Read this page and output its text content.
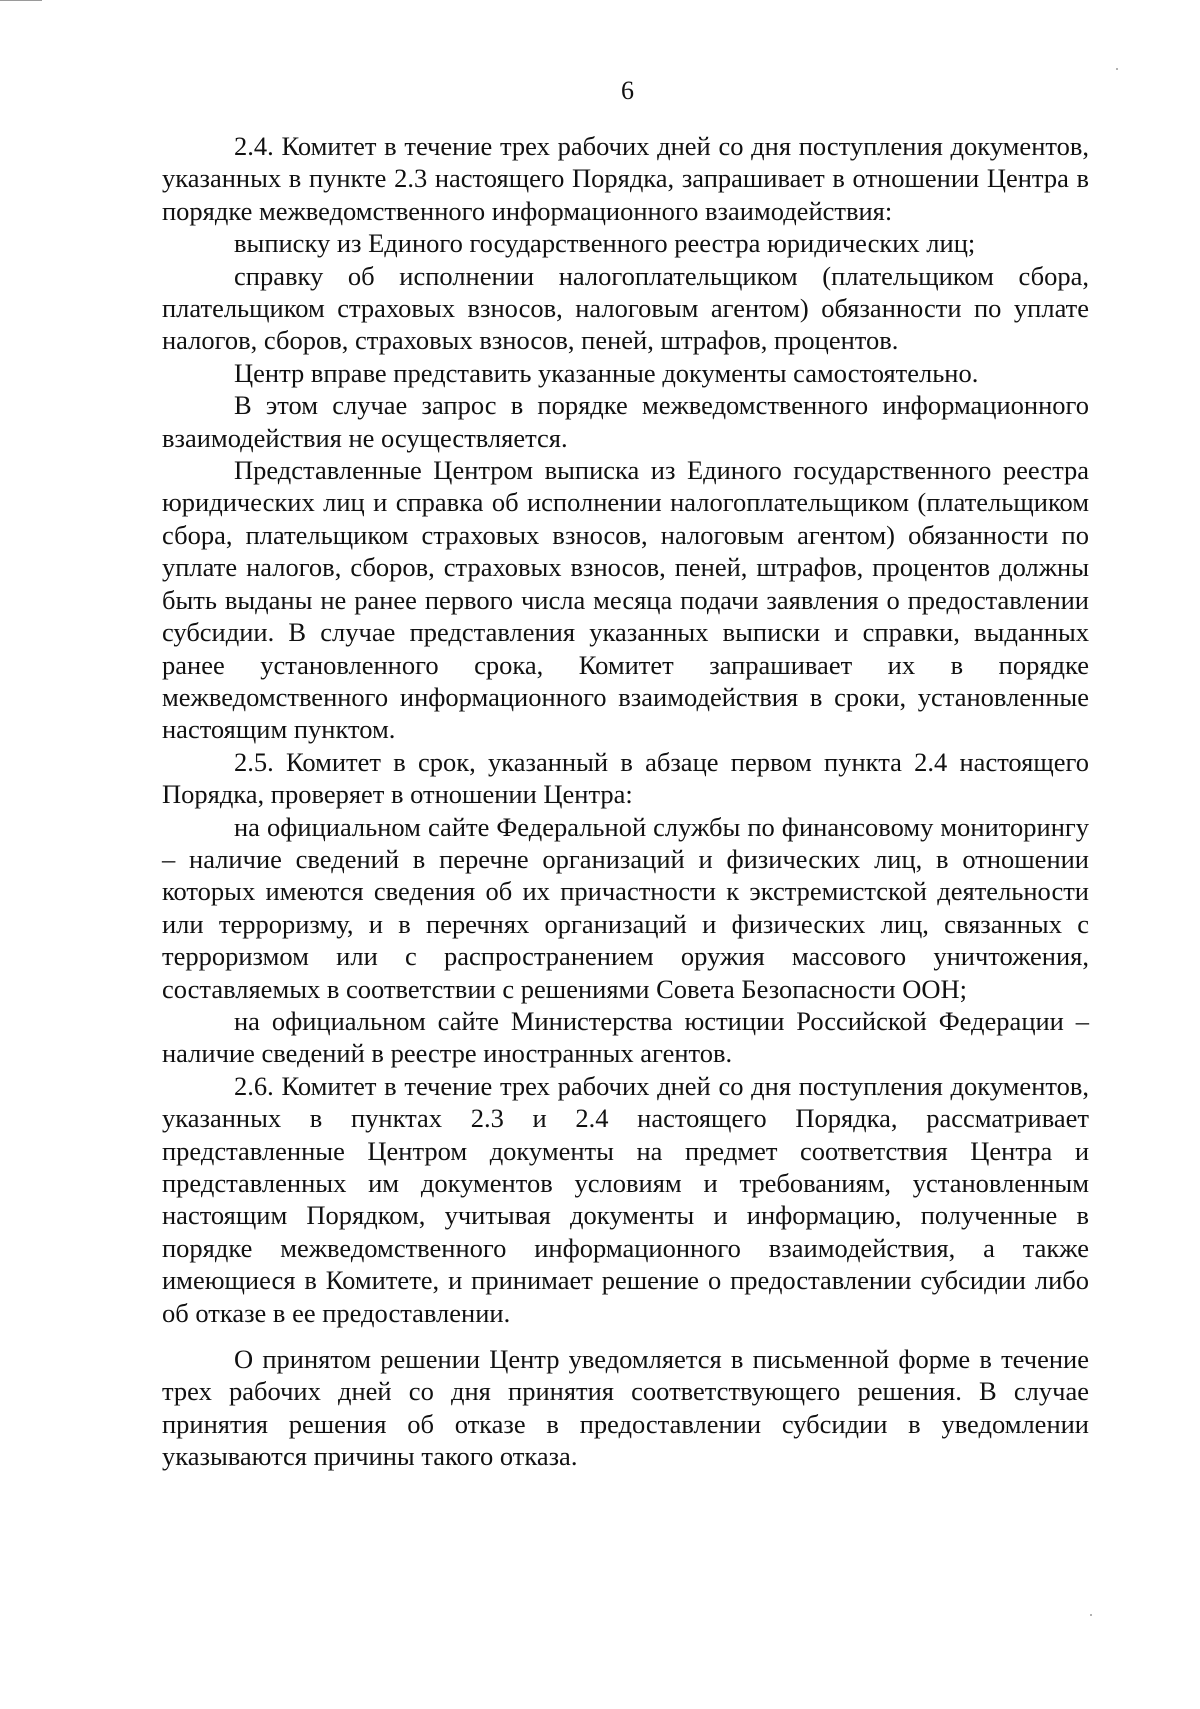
6

2.4. Комитет в течение трех рабочих дней со дня поступления документов, указанных в пункте 2.3 настоящего Порядка, запрашивает в отношении Центра в порядке межведомственного информационного взаимодействия:

выписку из Единого государственного реестра юридических лиц;

справку об исполнении налогоплательщиком (плательщиком сбора, плательщиком страховых взносов, налоговым агентом) обязанности по уплате налогов, сборов, страховых взносов, пеней, штрафов, процентов.

Центр вправе представить указанные документы самостоятельно.

В этом случае запрос в порядке межведомственного информационного взаимодействия не осуществляется.

Представленные Центром выписка из Единого государственного реестра юридических лиц и справка об исполнении налогоплательщиком (плательщиком сбора, плательщиком страховых взносов, налоговым агентом) обязанности по уплате налогов, сборов, страховых взносов, пеней, штрафов, процентов должны быть выданы не ранее первого числа месяца подачи заявления о предоставлении субсидии. В случае представления указанных выписки и справки, выданных ранее установленного срока, Комитет запрашивает их в порядке межведомственного информационного взаимодействия в сроки, установленные настоящим пунктом.

2.5. Комитет в срок, указанный в абзаце первом пункта 2.4 настоящего Порядка, проверяет в отношении Центра:

на официальном сайте Федеральной службы по финансовому мониторингу – наличие сведений в перечне организаций и физических лиц, в отношении которых имеются сведения об их причастности к экстремистской деятельности или терроризму, и в перечнях организаций и физических лиц, связанных с терроризмом или с распространением оружия массового уничтожения, составляемых в соответствии с решениями Совета Безопасности ООН;

на официальном сайте Министерства юстиции Российской Федерации – наличие сведений в реестре иностранных агентов.

2.6. Комитет в течение трех рабочих дней со дня поступления документов, указанных в пунктах 2.3 и 2.4 настоящего Порядка, рассматривает представленные Центром документы на предмет соответствия Центра и представленных им документов условиям и требованиям, установленным настоящим Порядком, учитывая документы и информацию, полученные в порядке межведомственного информационного взаимодействия, а также имеющиеся в Комитете, и принимает решение о предоставлении субсидии либо об отказе в ее предоставлении.

О принятом решении Центр уведомляется в письменной форме в течение трех рабочих дней со дня принятия соответствующего решения. В случае принятия решения об отказе в предоставлении субсидии в уведомлении указываются причины такого отказа.
